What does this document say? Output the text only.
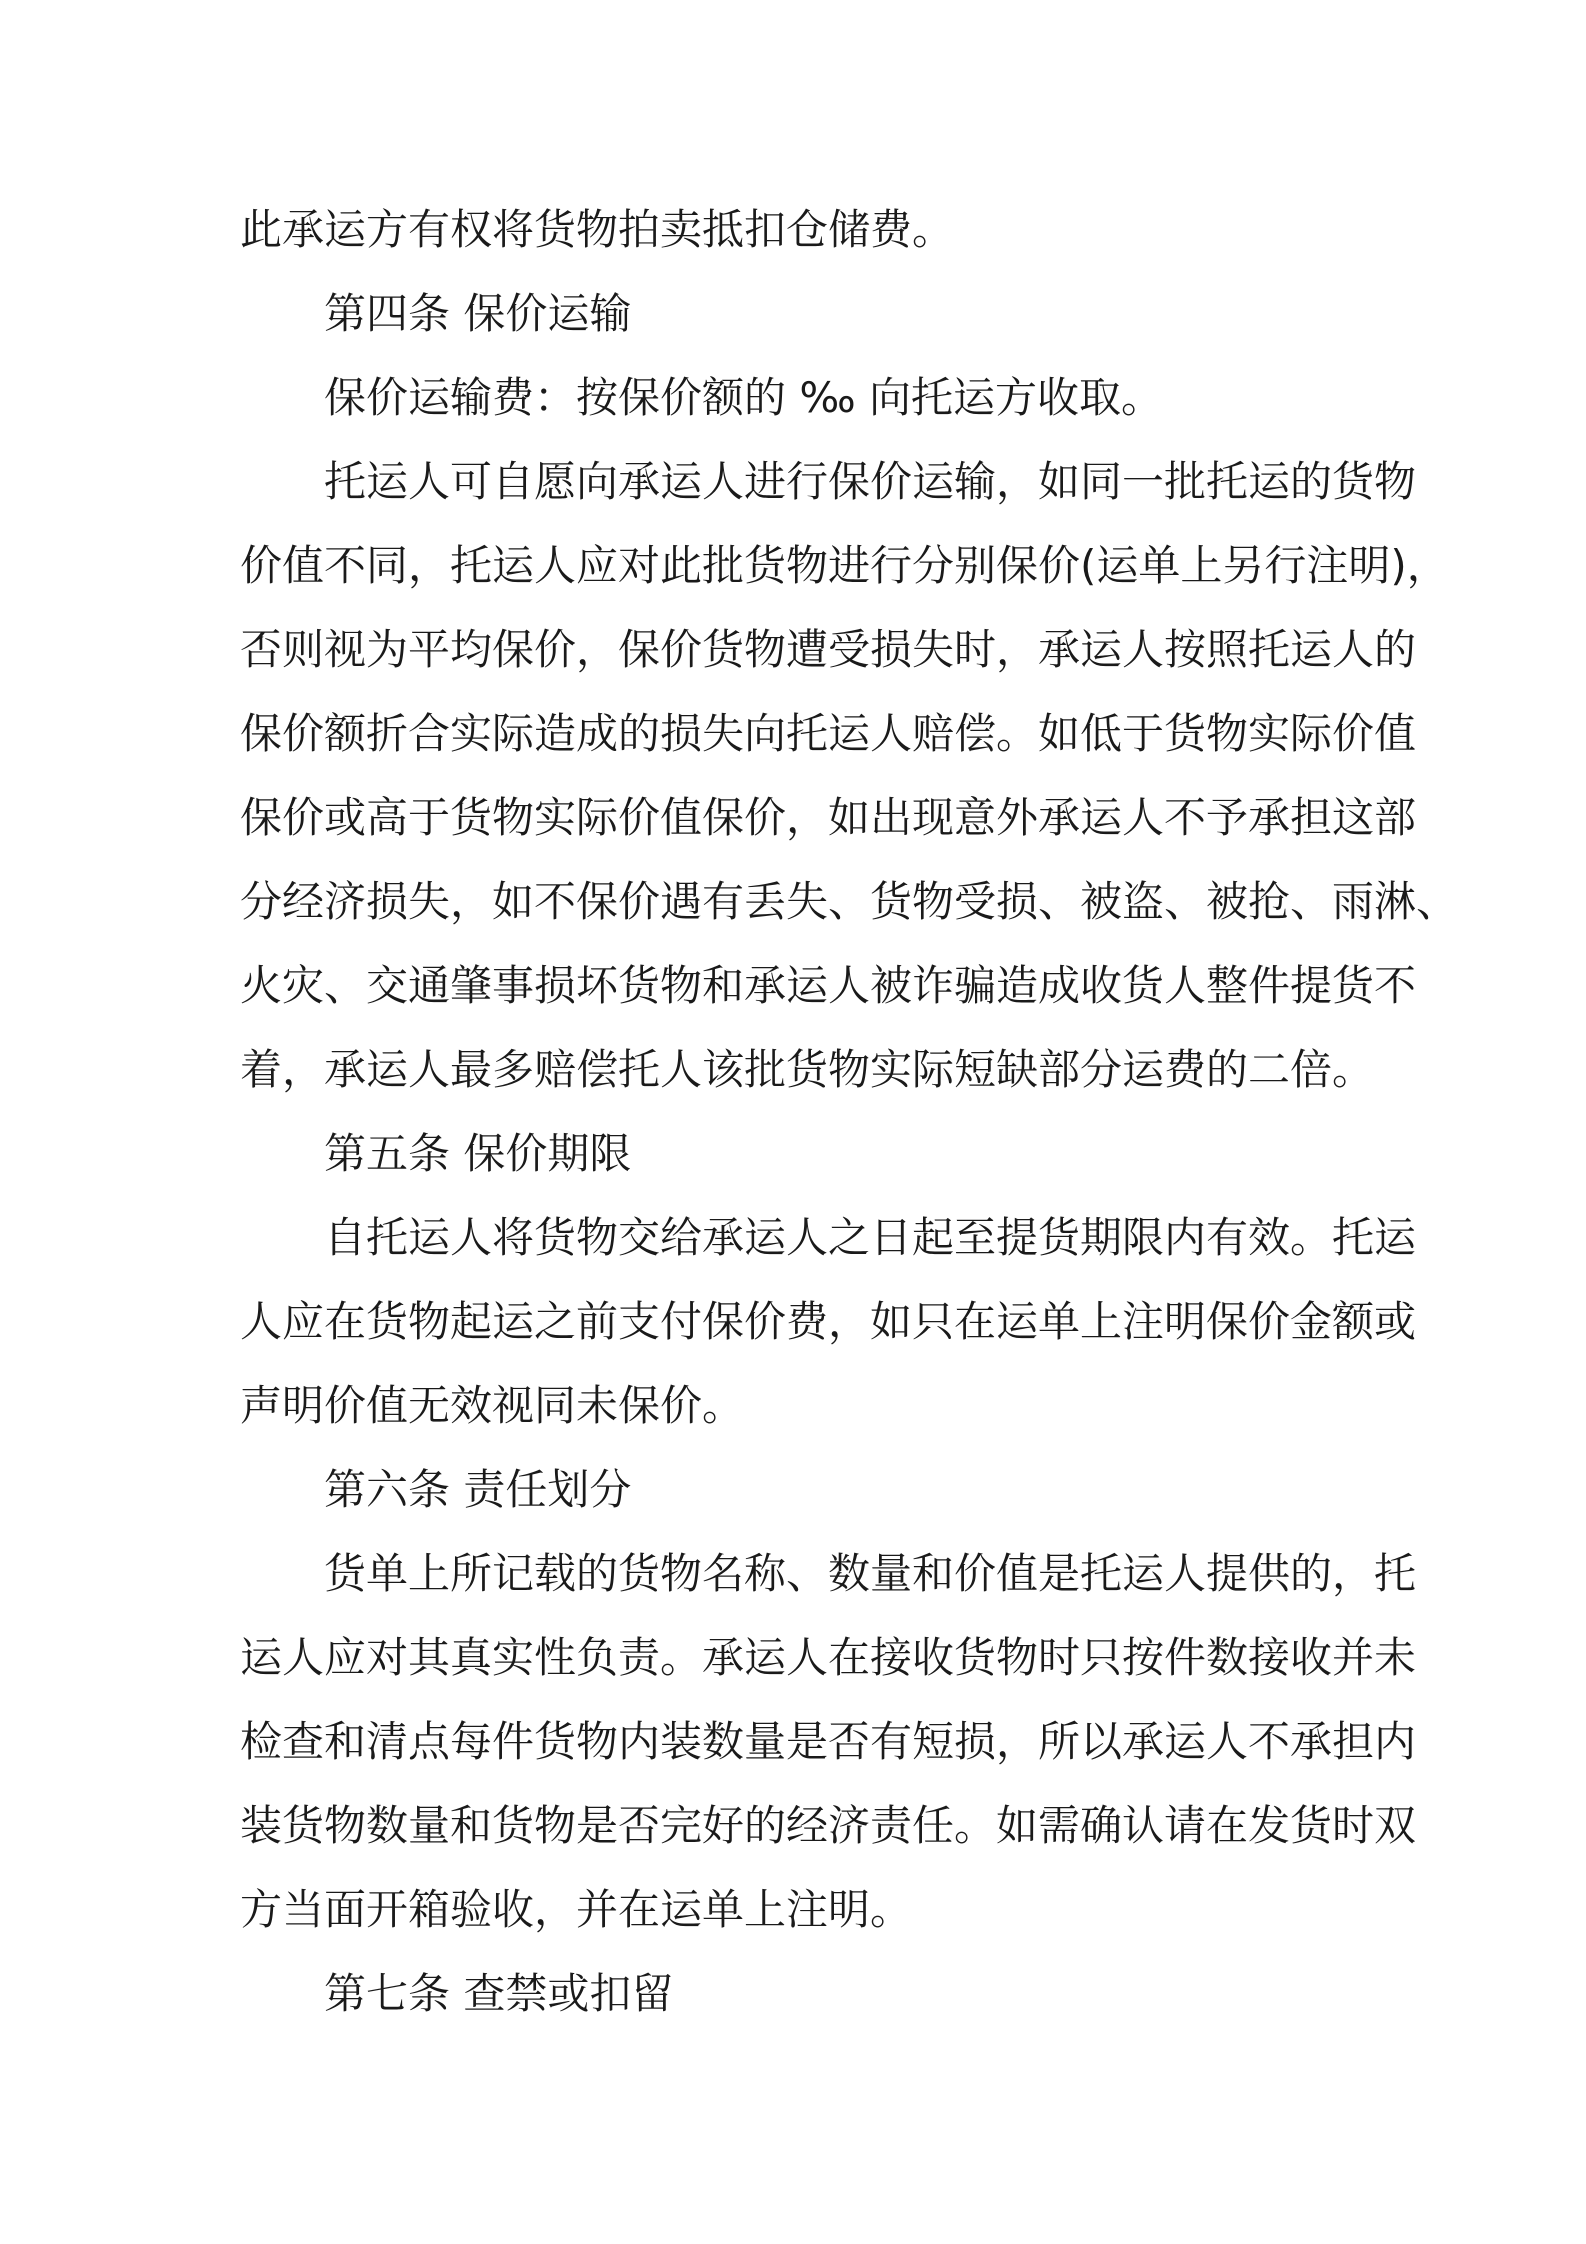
此承运方有权将货物拍卖抵扣仓储费。
第四条 保价运输
保价运输费：按保价额的 ‰ 向托运方收取。
托运人可自愿向承运人进行保价运输，如同一批托运的货物
价值不同，托运人应对此批货物进行分别保价(运单上另行注明)，
否则视为平均保价，保价货物遭受损失时，承运人按照托运人的
保价额折合实际造成的损失向托运人赔偿。如低于货物实际价值
保价或高于货物实际价值保价，如出现意外承运人不予承担这部
分经济损失，如不保价遇有丢失、货物受损、被盗、被抢、雨淋、
火灾、交通肇事损坏货物和承运人被诈骗造成收货人整件提货不
着，承运人最多赔偿托人该批货物实际短缺部分运费的二倍。
第五条 保价期限
自托运人将货物交给承运人之日起至提货期限内有效。托运
人应在货物起运之前支付保价费，如只在运单上注明保价金额或
声明价值无效视同未保价。
第六条 责任划分
货单上所记载的货物名称、数量和价值是托运人提供的，托
运人应对其真实性负责。承运人在接收货物时只按件数接收并未
检查和清点每件货物内装数量是否有短损，所以承运人不承担内
装货物数量和货物是否完好的经济责任。如需确认请在发货时双
方当面开箱验收，并在运单上注明。
第七条 查禁或扣留
